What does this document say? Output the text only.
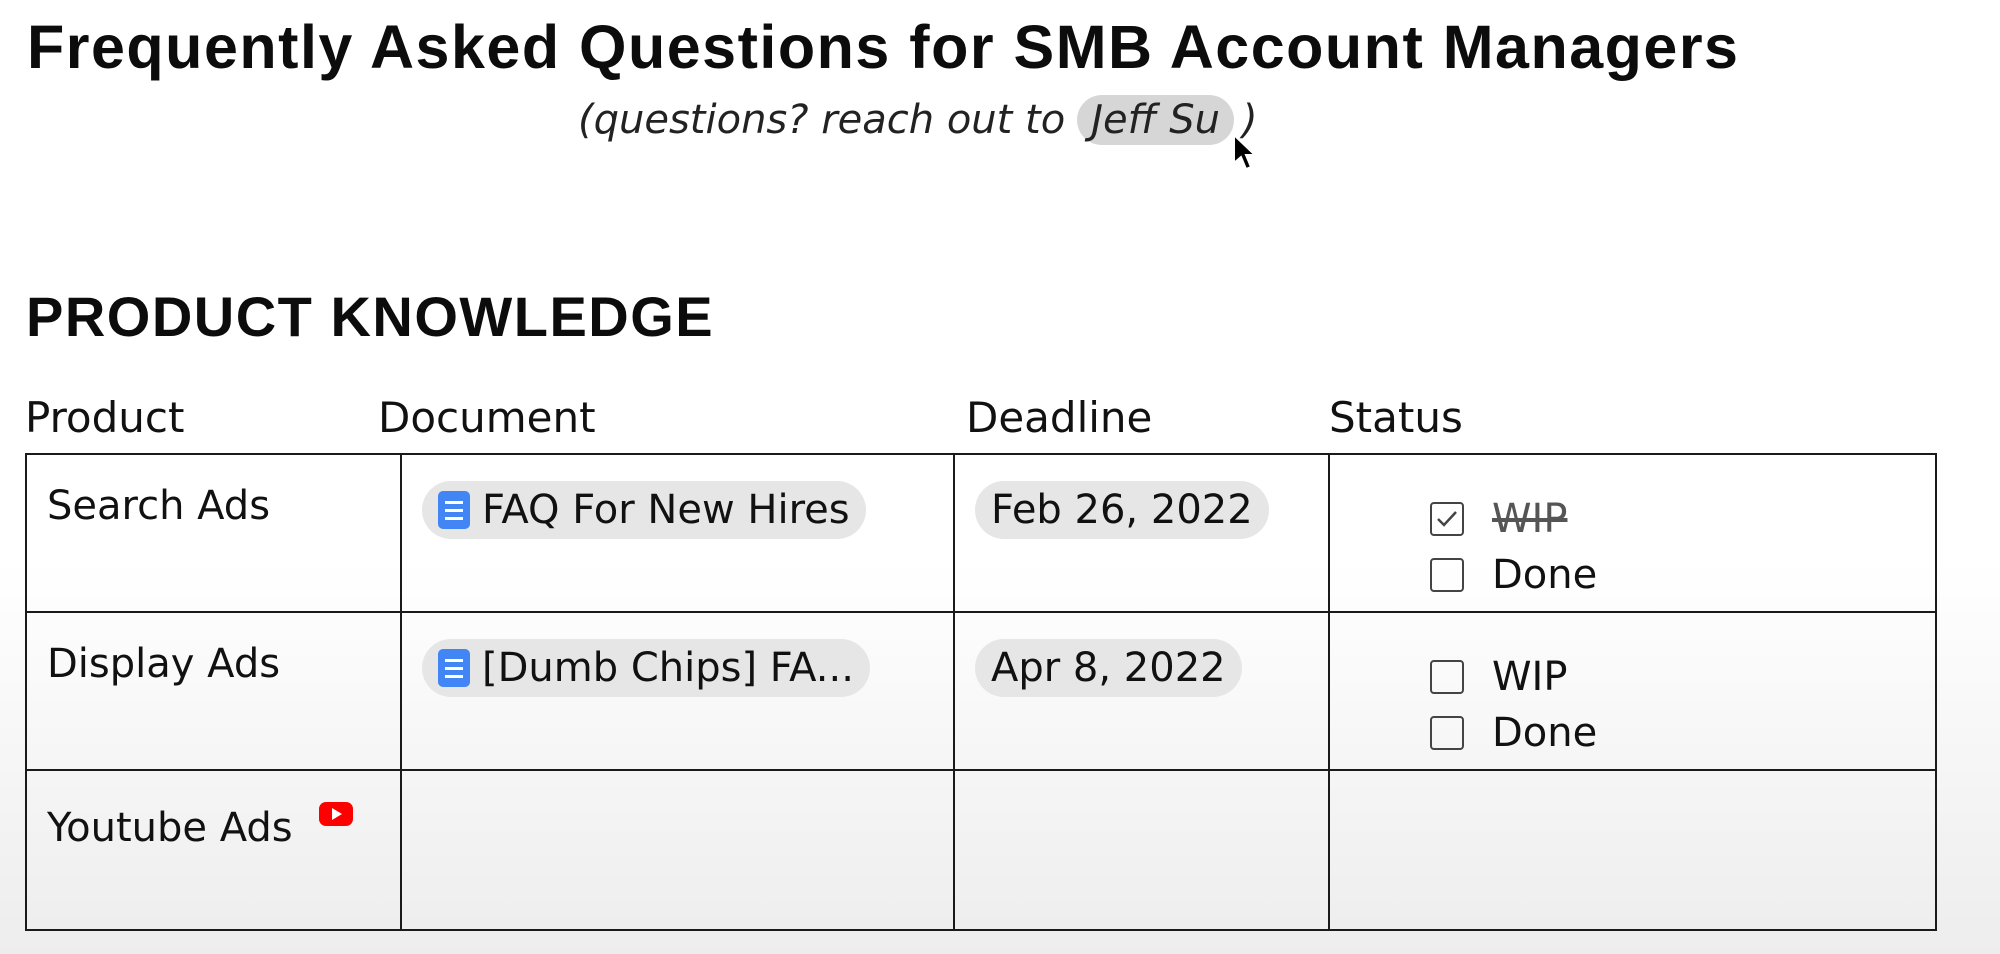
Frequently Asked Questions for SMB Account Managers
(questions? reach out to Jeff Su )
PRODUCT KNOWLEDGE
Product	Document	Deadline	Status
Search Ads	FAQ For New Hires	Feb 26, 2022	WIP
Done

Display Ads	[Dumb Chips] FA...	Apr 8, 2022	WIP
Done

Youtube Ads			
